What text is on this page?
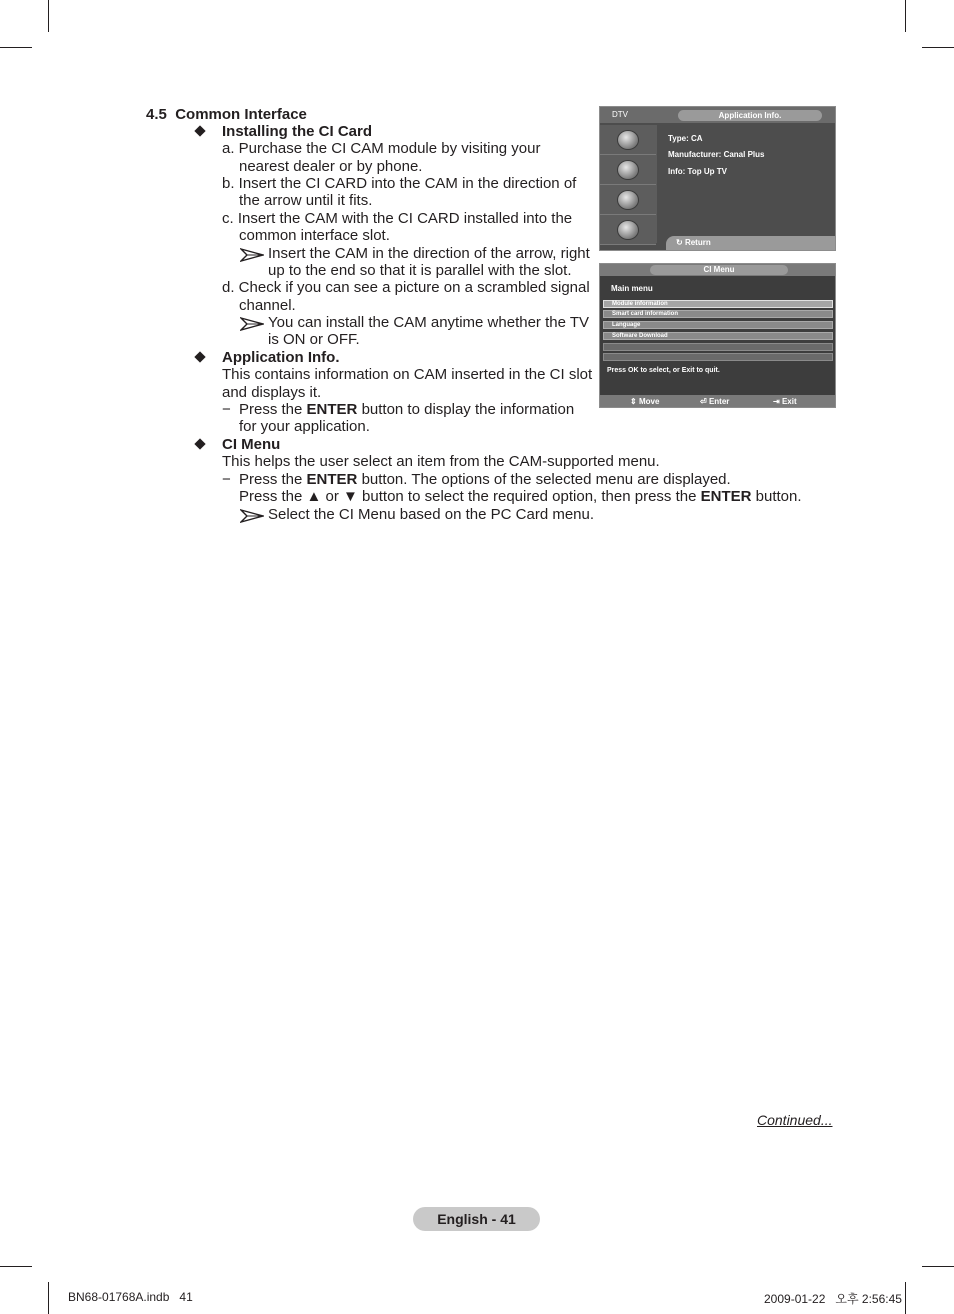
4.5 Common Interface
Installing the CI Card
a. Purchase the CI CAM module by visiting your
nearest dealer or by phone.
b. Insert the CI CARD into the CAM in the direction of
the arrow until it fits.
c. Insert the CAM with the CI CARD installed into the
common interface slot.
Insert the CAM in the direction of the arrow, right
up to the end so that it is parallel with the slot.
d. Check if you can see a picture on a scrambled signal
channel.
You can install the CAM anytime whether the TV
is ON or OFF.
Application Info.
This contains information on CAM inserted in the CI slot
and displays it.
− Press the ENTER button to display the information
for your application.
CI Menu
This helps the user select an item from the CAM-supported menu.
− Press the ENTER button. The options of the selected menu are displayed.
Press the ▲ or ▼ button to select the required option, then press the ENTER button.
Select the CI Menu based on the PC Card menu.
DTV	Application Info.
Type: CA
Manufacturer: Canal Plus
Info: Top Up TV
↻ Return
CI Menu
Main menu
Module information
Smart card information
Language
Software Download
Press OK to select, or Exit to quit.
⇕ Move	⏎ Enter	⇥ Exit
Continued...
English - 41
BN68-01768A.indb   41	2009-01-22   오후 2:56:45
